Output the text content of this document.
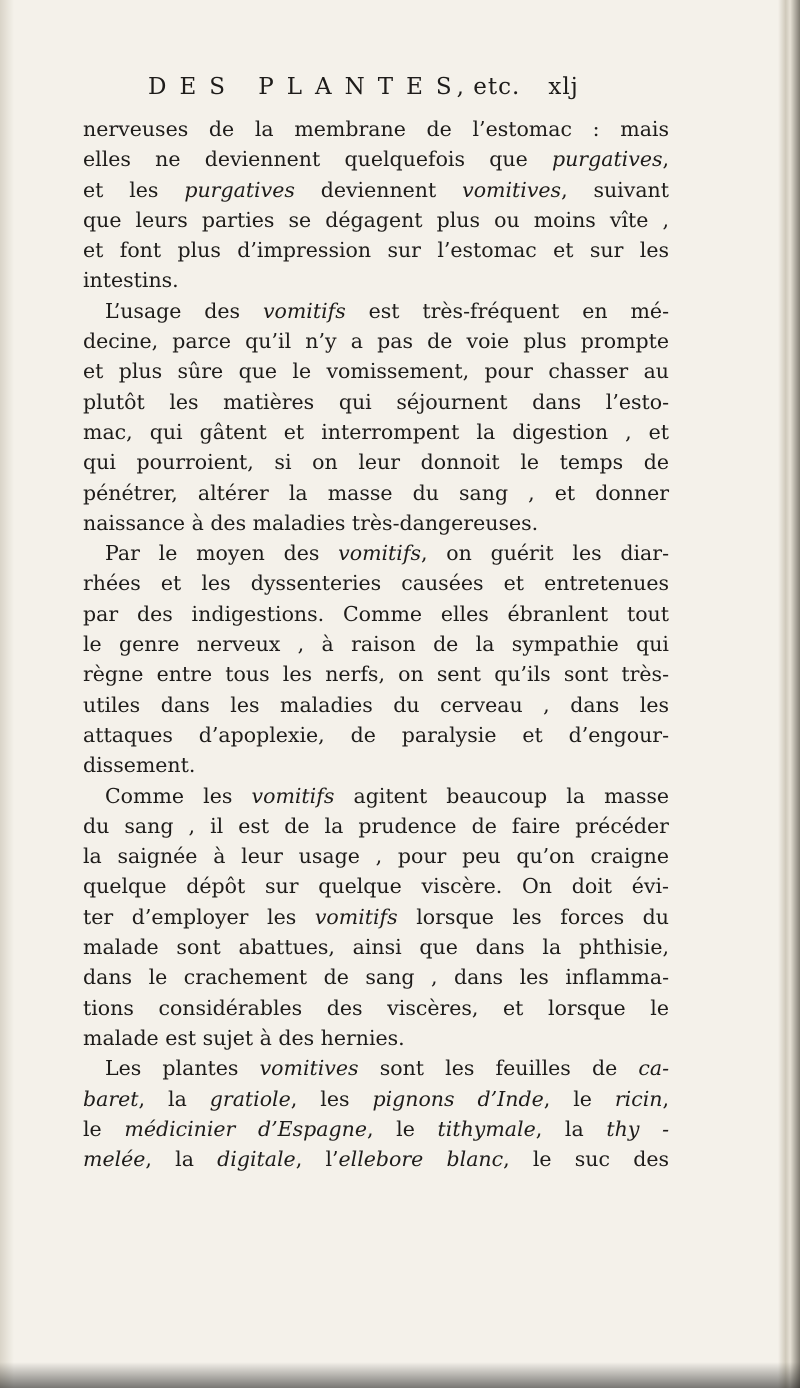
DES PLANTES, etc. xlj
nerveuses de la membrane de l’estomac : mais
elles ne deviennent quelquefois que purgatives,
et les purgatives deviennent vomitives, suivant
que leurs parties se dégagent plus ou moins vîte ,
et font plus d’impression sur l’estomac et sur les
intestins.
L’usage des vomitifs est très-fréquent en mé-
decine, parce qu’il n’y a pas de voie plus prompte
et plus sûre que le vomissement, pour chasser au
plutôt les matières qui séjournent dans l’esto-
mac, qui gâtent et interrompent la digestion , et
qui pourroient, si on leur donnoit le temps de
pénétrer, altérer la masse du sang , et donner
naissance à des maladies très-dangereuses.
Par le moyen des vomitifs, on guérit les diar-
rhées et les dyssenteries causées et entretenues
par des indigestions. Comme elles ébranlent tout
le genre nerveux , à raison de la sympathie qui
règne entre tous les nerfs, on sent qu’ils sont très-
utiles dans les maladies du cerveau , dans les
attaques d’apoplexie, de paralysie et d’engour-
dissement.
Comme les vomitifs agitent beaucoup la masse
du sang , il est de la prudence de faire précéder
la saignée à leur usage , pour peu qu’on craigne
quelque dépôt sur quelque viscère. On doit évi-
ter d’employer les vomitifs lorsque les forces du
malade sont abattues, ainsi que dans la phthisie,
dans le crachement de sang , dans les inflamma-
tions considérables des viscères, et lorsque le
malade est sujet à des hernies.
Les plantes vomitives sont les feuilles de ca-
baret, la gratiole, les pignons d’Inde, le ricin,
le médicinier d’Espagne, le tithymale, la thy -
melée, la digitale, l’ellebore blanc, le suc des
